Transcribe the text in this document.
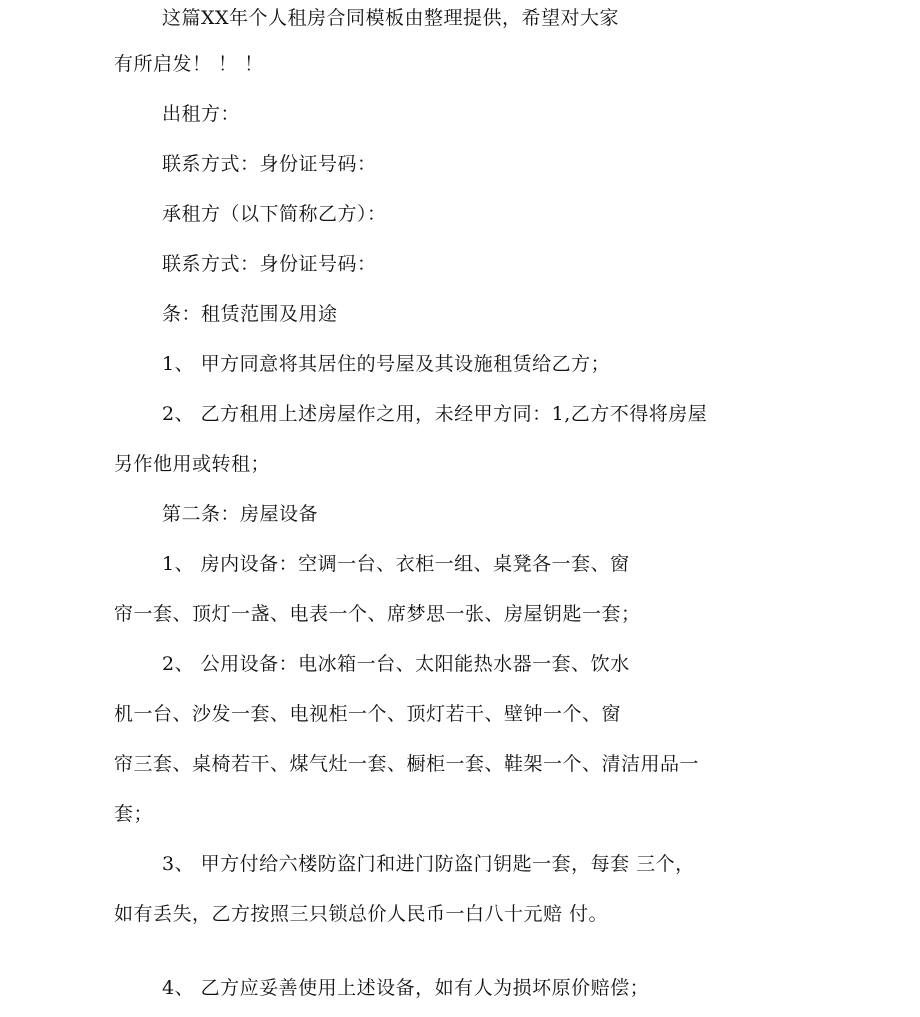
这篇XX年个人租房合同模板由整理提供，希望对大家
有所启发！ ！ ！
出租方：
联系方式：身份证号码：
承租方（以下简称乙方）：
联系方式：身份证号码：
条：租赁范围及用途
1、 甲方同意将其居住的号屋及其设施租赁给乙方；
2、 乙方租用上述房屋作之用，未经甲方同：1,乙方不得将房屋
另作他用或转租；
第二条：房屋设备
1、 房内设备：空调一台、衣柜一组、桌凳各一套、窗
帘一套、顶灯一盏、电表一个、席梦思一张、房屋钥匙一套；
2、 公用设备：电冰箱一台、太阳能热水器一套、饮水
机一台、沙发一套、电视柜一个、顶灯若干、壁钟一个、窗
帘三套、桌椅若干、煤气灶一套、橱柜一套、鞋架一个、清洁用品一
套；
3、 甲方付给六楼防盗门和进门防盗门钥匙一套，每套 三个，
如有丢失，乙方按照三只锁总价人民币一白八十元赔 付。
4、 乙方应妥善使用上述设备，如有人为损坏原价赔偿；
